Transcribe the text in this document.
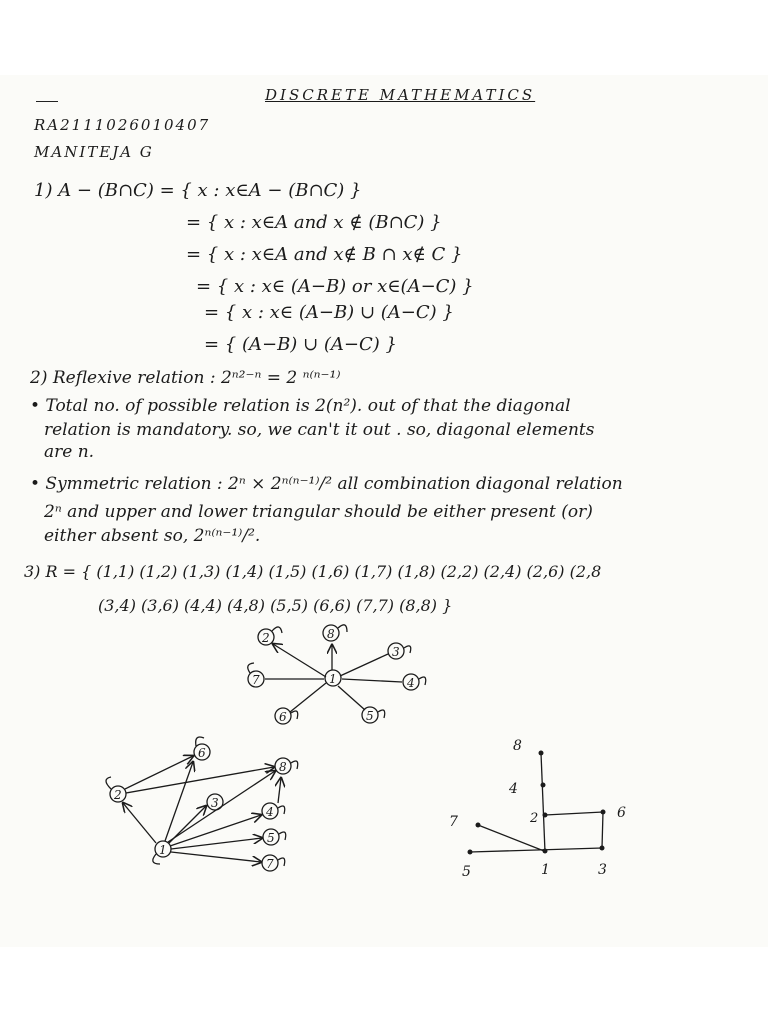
DISCRETE MATHEMATICS
RA2111026010407
MANITEJA G
1) A − (B∩C) = { x : x∈A − (B∩C) }
= { x : x∈A and x ∉ (B∩C) }
= { x : x∈A and x∉ B ∩ x∉ C }
= { x : x∈ (A−B) or x∈(A−C) }
= { x : x∈ (A−B) ∪ (A−C) }
= { (A−B) ∪ (A−C) }
2) Reflexive relation : 2ⁿ²⁻ⁿ = 2 ⁿ⁽ⁿ⁻¹⁾
• Total no. of possible relation is 2(n²). out of that the diagonal
relation is mandatory. so, we can't it out . so, diagonal elements
are n.
• Symmetric relation : 2ⁿ × 2ⁿ⁽ⁿ⁻¹⁾/² all combination diagonal relation
2ⁿ and upper and lower triangular should be either present (or)
either absent so, 2ⁿ⁽ⁿ⁻¹⁾/².
3) R = { (1,1) (1,2) (1,3) (1,4) (1,5) (1,6) (1,7) (1,8) (2,2) (2,4) (2,6) (2,8
(3,4) (3,6) (4,4) (4,8) (5,5) (6,6) (7,7) (8,8) }
1
2	8
3
4
5
6
7
1
2
3
4
5
6
7
8
1
2
3
4
5
6
7
8
